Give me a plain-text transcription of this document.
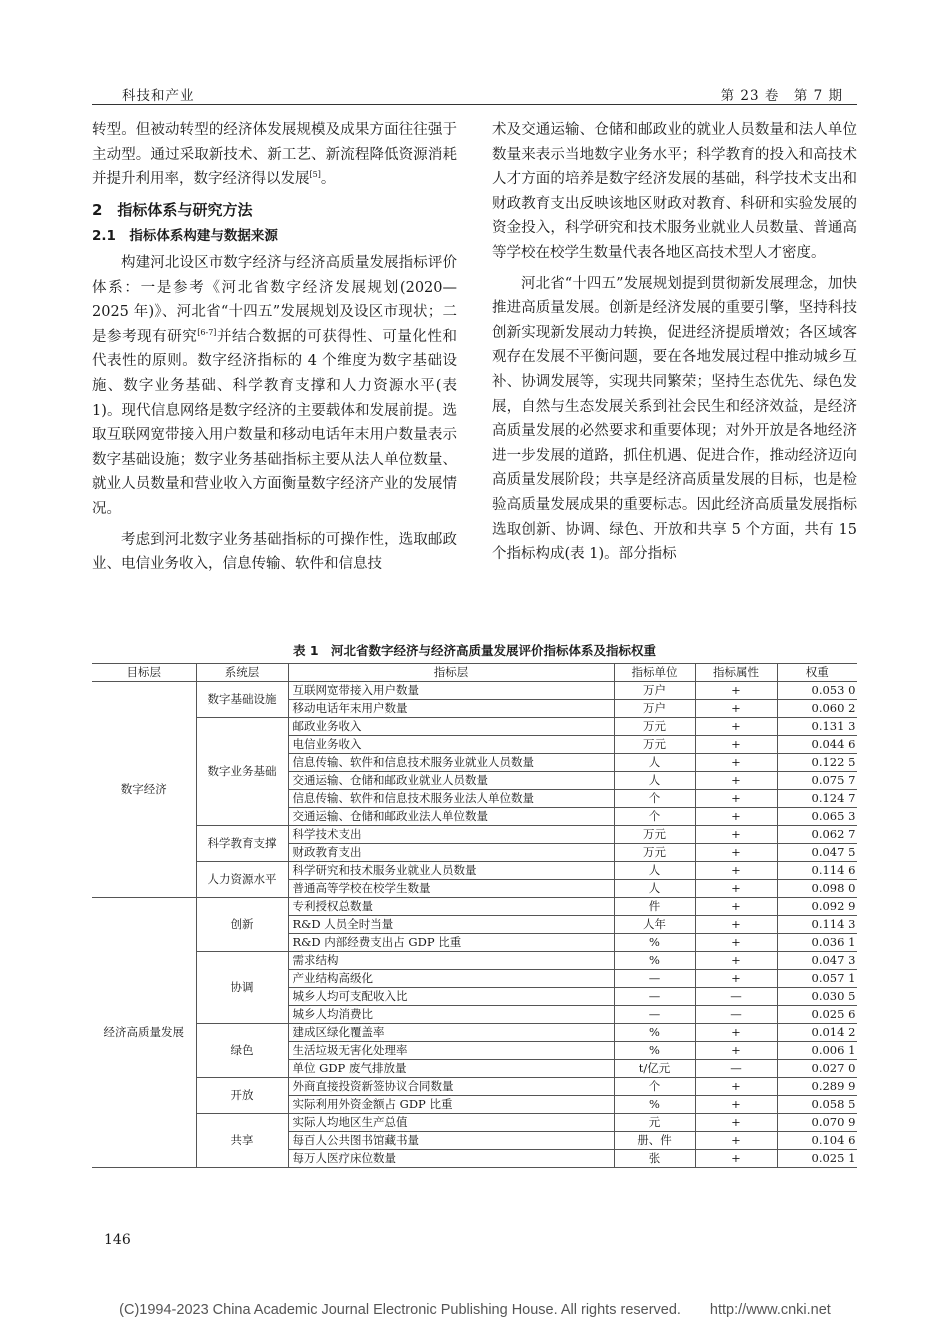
科技和产业	第 23 卷　第 7 期

转型。但被动转型的经济体发展规模及成果方面往往强于主动型。通过采取新技术、新工艺、新流程降低资源消耗并提升利用率，数字经济得以发展[5]。

2　指标体系与研究方法
2.1　指标体系构建与数据来源

构建河北设区市数字经济与经济高质量发展指标评价体系：一是参考《河北省数字经济发展规划(2020—2025 年)》、河北省“十四五”发展规划及设区市现状；二是参考现有研究[6-7]并结合数据的可获得性、可量化性和代表性的原则。数字经济指标的 4 个维度为数字基础设施、数字业务基础、科学教育支撑和人力资源水平(表 1)。现代信息网络是数字经济的主要载体和发展前提。选取互联网宽带接入用户数量和移动电话年末用户数量表示数字基础设施；数字业务基础指标主要从法人单位数量、就业人员数量和营业收入方面衡量数字经济产业的发展情况。

考虑到河北数字业务基础指标的可操作性，选取邮政业、电信业务收入，信息传输、软件和信息技

术及交通运输、仓储和邮政业的就业人员数量和法人单位数量来表示当地数字业务水平；科学教育的投入和高技术人才方面的培养是数字经济发展的基础，科学技术支出和财政教育支出反映该地区财政对教育、科研和实验发展的资金投入，科学研究和技术服务业就业人员数量、普通高等学校在校学生数量代表各地区高技术型人才密度。

河北省“十四五”发展规划提到贯彻新发展理念，加快推进高质量发展。创新是经济发展的重要引擎，坚持科技创新实现新发展动力转换，促进经济提质增效；各区域客观存在发展不平衡问题，要在各地发展过程中推动城乡互补、协调发展等，实现共同繁荣；坚持生态优先、绿色发展，自然与生态发展关系到社会民生和经济效益，是经济高质量发展的必然要求和重要体现；对外开放是各地经济进一步发展的道路，抓住机遇、促进合作，推动经济迈向高质量发展阶段；共享是经济高质量发展的目标，也是检验高质量发展成果的重要标志。因此经济高质量发展指标选取创新、协调、绿色、开放和共享 5 个方面，共有 15 个指标构成(表 1)。部分指标

表 1　河北省数字经济与经济高质量发展评价指标体系及指标权重
目标层	系统层	指标层	指标单位	指标属性	权重
数字经济	数字基础设施	互联网宽带接入用户数量	万户	+	0.053 0
		移动电话年末用户数量	万户	+	0.060 2
	数字业务基础	邮政业务收入	万元	+	0.131 3
		电信业务收入	万元	+	0.044 6
		信息传输、软件和信息技术服务业就业人员数量	人	+	0.122 5
		交通运输、仓储和邮政业就业人员数量	人	+	0.075 7
		信息传输、软件和信息技术服务业法人单位数量	个	+	0.124 7
		交通运输、仓储和邮政业法人单位数量	个	+	0.065 3
	科学教育支撑	科学技术支出	万元	+	0.062 7
		财政教育支出	万元	+	0.047 5
	人力资源水平	科学研究和技术服务业就业人员数量	人	+	0.114 6
		普通高等学校在校学生数量	人	+	0.098 0
经济高质量发展	创新	专利授权总数量	件	+	0.092 9
		R&D 人员全时当量	人年	+	0.114 3
		R&D 内部经费支出占 GDP 比重	%	+	0.036 1
	协调	需求结构	%	+	0.047 3
		产业结构高级化	—	+	0.057 1
		城乡人均可支配收入比	—	—	0.030 5
		城乡人均消费比	—	—	0.025 6
	绿色	建成区绿化覆盖率	%	+	0.014 2
		生活垃圾无害化处理率	%	+	0.006 1
		单位 GDP 废气排放量	t/亿元	—	0.027 0
	开放	外商直接投资新签协议合同数量	个	+	0.289 9
		实际利用外资金额占 GDP 比重	%	+	0.058 5
	共享	实际人均地区生产总值	元	+	0.070 9
		每百人公共图书馆藏书量	册、件	+	0.104 6
		每万人医疗床位数量	张	+	0.025 1
146
(C)1994-2023 China Academic Journal Electronic Publishing House. All rights reserved.　　http://www.cnki.net
